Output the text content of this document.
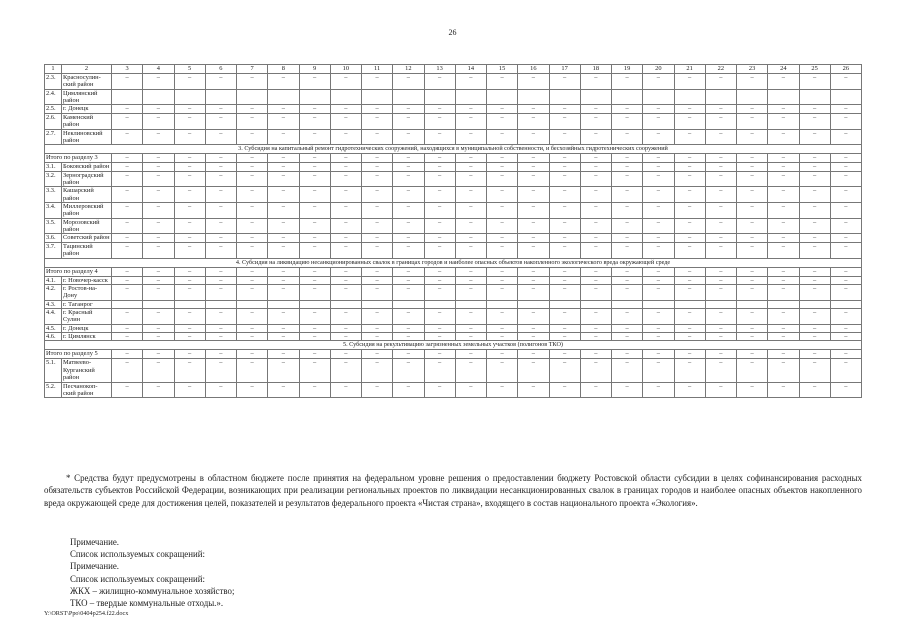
26
1	2	3	4	5	6	7	8	9	10	11	12	13	14	15	16	17	18	19	20	21	22	23	24	25	26
2.3.	Красносулин-ский район	–	–	–	–	–	–	–	–	–	–	–	–	–	–	–	–	–	–	–	–	–	–	–	–
2.4.	Цимлянский район																								
2.5.	г. Донецк	–	–	–	–	–	–	–	–	–	–	–	–	–	–	–	–	–	–	–	–	–	–	–	–
2.6.	Каменский район	–	–	–	–	–	–	–	–	–	–	–	–	–	–	–	–	–	–	–	–	–	–	–	–
2.7.	Неклиновский район	–	–	–	–	–	–	–	–	–	–	–	–	–	–	–	–	–	–	–	–	–	–	–	–
3. Субсидия на капитальный ремонт гидротехнических сооружений, находящихся в муниципальной собственности, и бесхозяйных гидротехнических сооружений																									
Итого по разделу 3		–	–	–	–	–	–	–	–	–	–	–	–	–	–	–	–	–	–	–	–	–	–	–	–
3.1.	Боковский район	–	–	–	–	–	–	–	–	–	–	–	–	–	–	–	–	–	–	–	–	–	–	–	–
3.2.	Зерноградский район	–	–	–	–	–	–	–	–	–	–	–	–	–	–	–	–	–	–	–	–	–	–	–	–
3.3.	Кашарский район	–	–	–	–	–	–	–	–	–	–	–	–	–	–	–	–	–	–	–	–	–	–	–	–
3.4.	Миллеровский район	–	–	–	–	–	–	–	–	–	–	–	–	–	–	–	–	–	–	–	–	–	–	–	–
3.5.	Морозовский район	–	–	–	–	–	–	–	–	–	–	–	–	–	–	–	–	–	–	–	–	–	–	–	–
3.6.	Советский район	–	–	–	–	–	–	–	–	–	–	–	–	–	–	–	–	–	–	–	–	–	–	–	–
3.7.	Тацинский район	–	–	–	–	–	–	–	–	–	–	–	–	–	–	–	–	–	–	–	–	–	–	–	–
4. Субсидия на ликвидацию несанкционированных свалок в границах городов и наиболее опасных объектов накопленного экологического вреда окружающей среде																									
Итого по разделу 4		–	–	–	–	–	–	–	–	–	–	–	–	–	–	–	–	–	–	–	–	–	–	–	–
4.1.	г. Новочер-касск	–	–	–	–	–	–	–	–	–	–	–	–	–	–	–	–	–	–	–	–	–	–	–	–
4.2.	г. Ростов-на-Дону	–	–	–	–	–	–	–	–	–	–	–	–	–	–	–	–	–	–	–	–	–	–	–	–
4.3.	г. Таганрог																								
4.4.	г. Красный Сулин	–	–	–	–	–	–	–	–	–	–	–	–	–	–	–	–	–	–	–	–	–	–	–	–
4.5.	г. Донецк	–	–	–	–	–	–	–	–	–	–	–	–	–	–	–	–	–	–	–	–	–	–	–	–
4.6.	г. Цимлянск	–	–	–	–	–	–	–	–	–	–	–	–	–	–	–	–	–	–	–	–	–	–	–	–
5. Субсидия на рекультивацию загрязненных земельных участков (полигонов ТКО)																									
Итого по разделу 5		–	–	–	–	–	–	–	–	–	–	–	–	–	–	–	–	–	–	–	–	–	–	–	–
5.1.	Матвеево-Курганский район	–	–	–	–	–	–	–	–	–	–	–	–	–	–	–	–	–	–	–	–	–	–	–	–
5.2.	Песчанокоп-ский район	–	–	–	–	–	–	–	–	–	–	–	–	–	–	–	–	–	–	–	–	–	–	–	–

* Средства будут предусмотрены в областном бюджете после принятия на федеральном уровне решения о предоставлении бюджету Ростовской области субсидии в целях софинансирования расходных обязательств субъектов Российской Федерации, возникающих при реализации региональных проектов по ликвидации несанкционированных свалок в границах городов и наиболее опасных объектов накопленного вреда окружающей среде для достижения целей, показателей и результатов федерального проекта «Чистая страна», входящего в состав национального проекта «Экология».

Примечание.
Список используемых сокращений:
Примечание.
Список используемых сокращений:
ЖКХ – жилищно-коммунальное хозяйство;
ТКО – твердые коммунальные отходы.».
Y:\ORST\Ppo\0404p254.f22.docx
